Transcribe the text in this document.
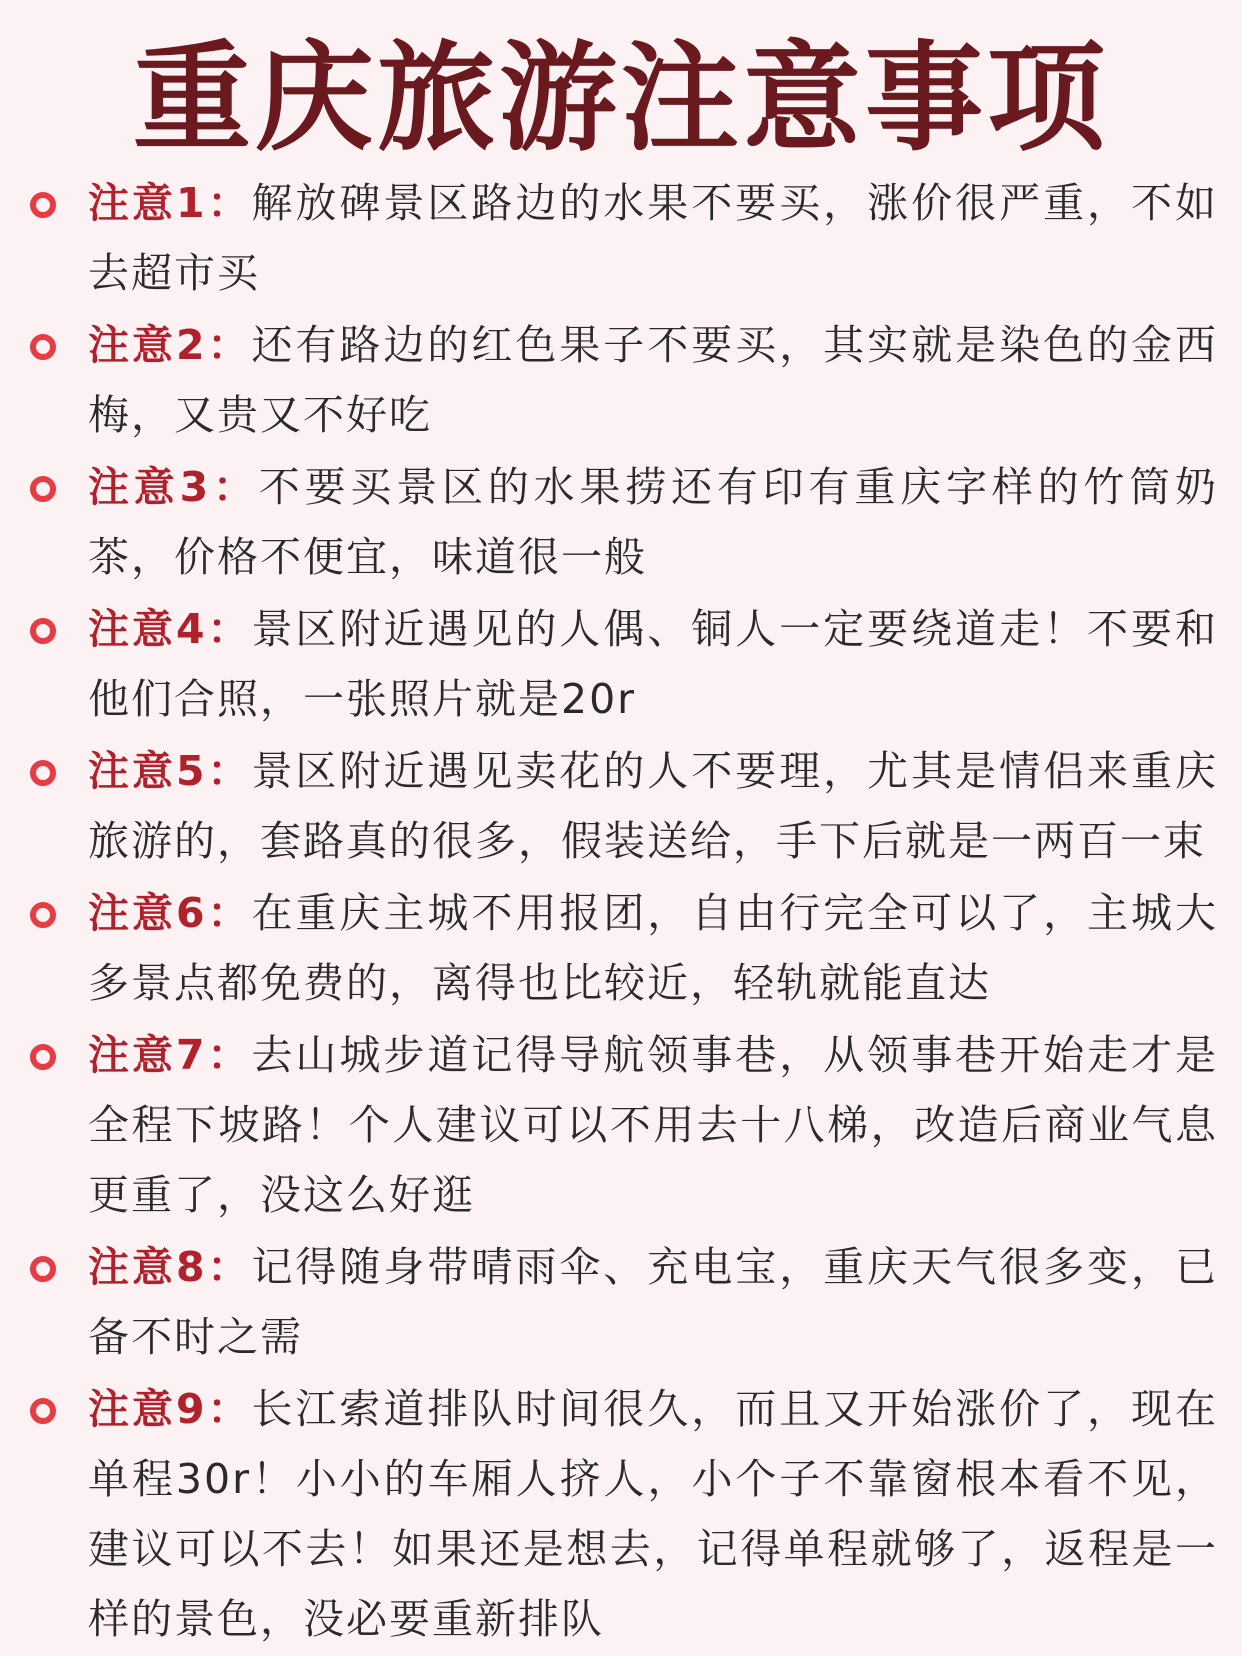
重庆旅游注意事项
注意1：解放碑景区路边的水果不要买，涨价很严重，不如去超市买
注意2：还有路边的红色果子不要买，其实就是染色的金西梅，又贵又不好吃
注意3：不要买景区的水果捞还有印有重庆字样的竹筒奶茶，价格不便宜，味道很一般
注意4：景区附近遇见的人偶、铜人一定要绕道走！不要和他们合照，一张照片就是20r
注意5：景区附近遇见卖花的人不要理，尤其是情侣来重庆旅游的，套路真的很多，假装送给，手下后就是一两百一束
注意6：在重庆主城不用报团，自由行完全可以了，主城大多景点都免费的，离得也比较近，轻轨就能直达
注意7：去山城步道记得导航领事巷，从领事巷开始走才是全程下坡路！个人建议可以不用去十八梯，改造后商业气息更重了，没这么好逛
注意8：记得随身带晴雨伞、充电宝，重庆天气很多变，已备不时之需
注意9：长江索道排队时间很久，而且又开始涨价了，现在单程30r！小小的车厢人挤人，小个子不靠窗根本看不见，建议可以不去！如果还是想去，记得单程就够了，返程是一样的景色，没必要重新排队
